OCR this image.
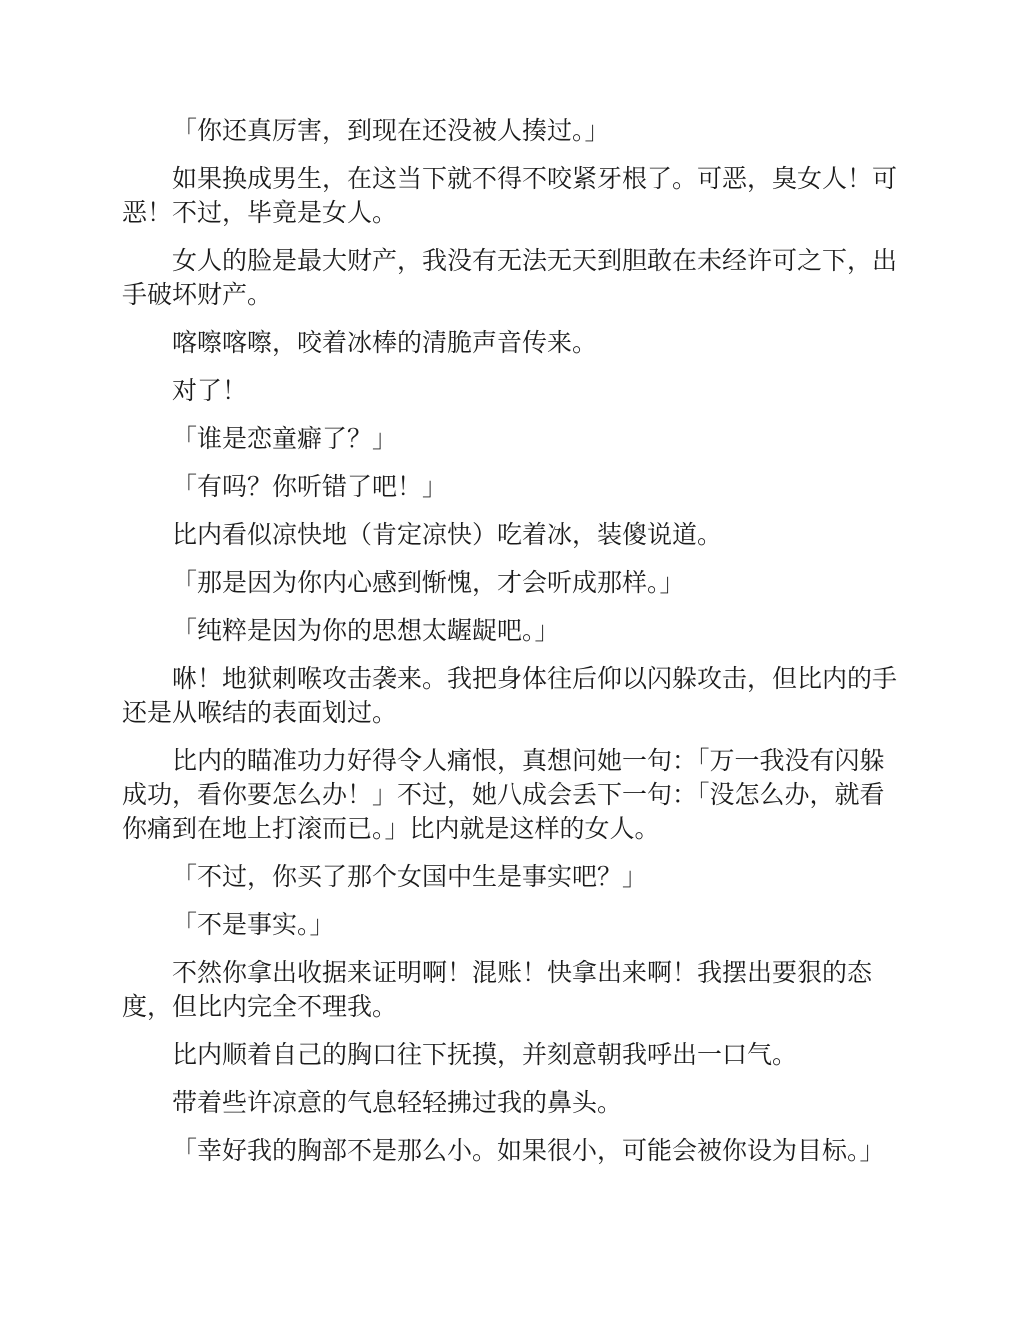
「你还真厉害，到现在还没被人揍过。」

如果换成男生，在这当下就不得不咬紧牙根了。可恶，臭女人！可恶！不过，毕竟是女人。

女人的脸是最大财产，我没有无法无天到胆敢在未经许可之下，出手破坏财产。

喀嚓喀嚓，咬着冰棒的清脆声音传来。

对了！

「谁是恋童癖了？」

「有吗？你听错了吧！」

比内看似凉快地（肯定凉快）吃着冰，装傻说道。

「那是因为你内心感到惭愧，才会听成那样。」

「纯粹是因为你的思想太龌龊吧。」

咻！地狱刺喉攻击袭来。我把身体往后仰以闪躲攻击，但比内的手还是从喉结的表面划过。

比内的瞄准功力好得令人痛恨，真想问她一句：「万一我没有闪躲成功，看你要怎么办！」不过，她八成会丢下一句：「没怎么办，就看你痛到在地上打滚而已。」比内就是这样的女人。

「不过，你买了那个女国中生是事实吧？」

「不是事实。」

不然你拿出收据来证明啊！混账！快拿出来啊！我摆出要狠的态度，但比内完全不理我。

比内顺着自己的胸口往下抚摸，并刻意朝我呼出一口气。

带着些许凉意的气息轻轻拂过我的鼻头。

「幸好我的胸部不是那么小。如果很小，可能会被你设为目标。」
